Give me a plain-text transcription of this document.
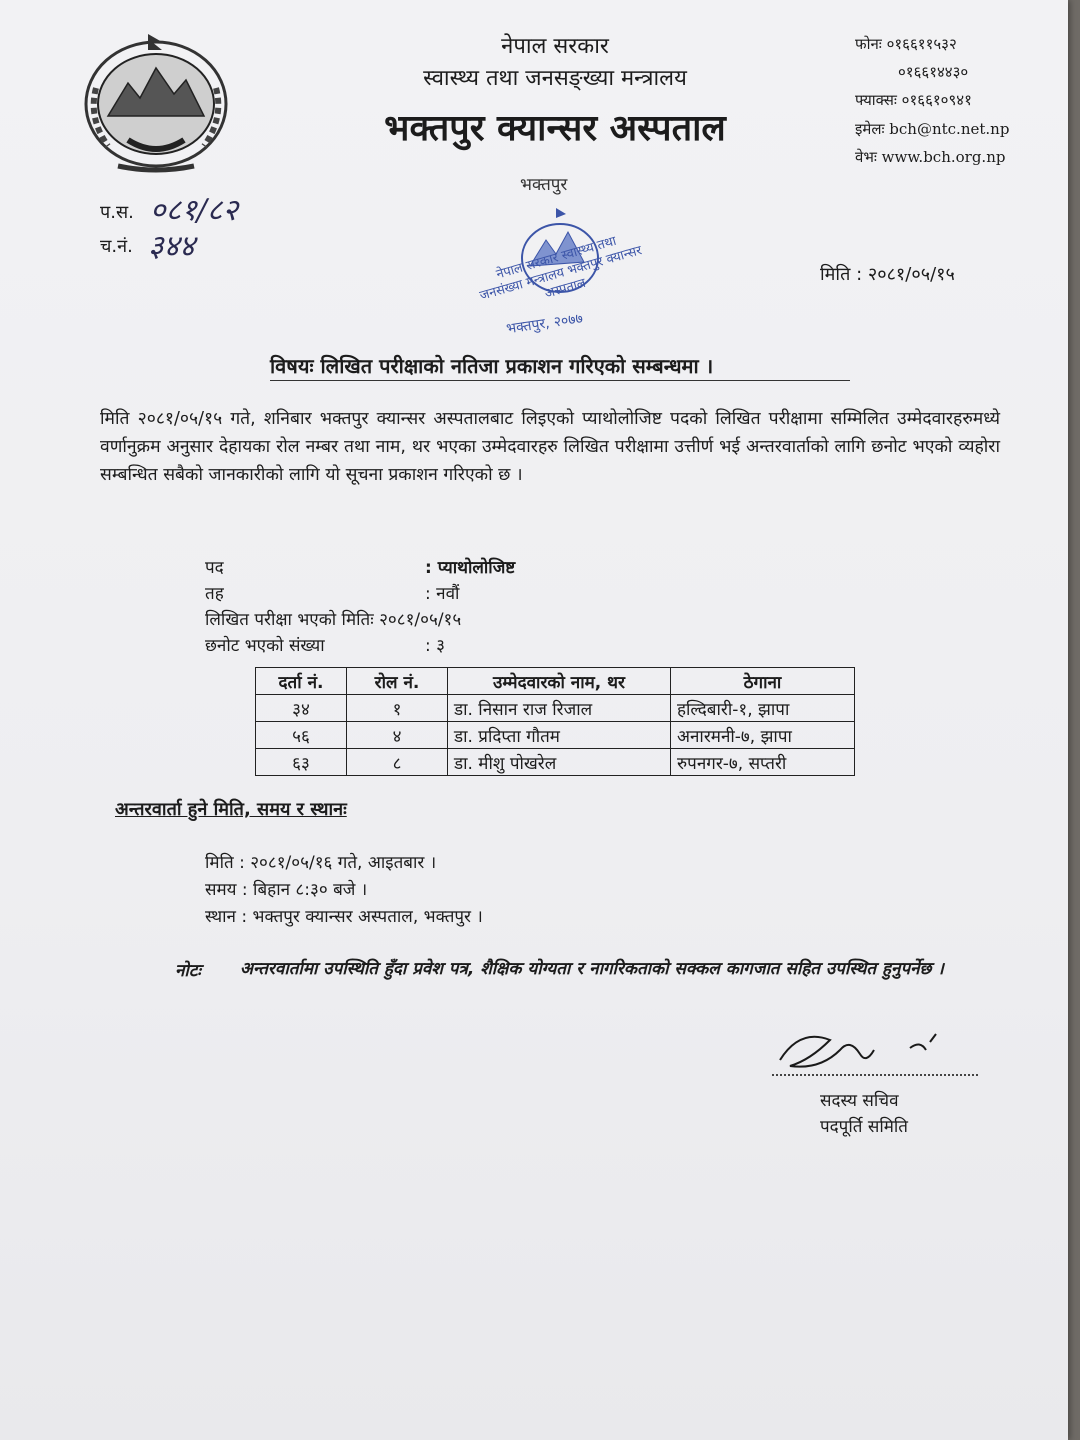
नेपाल सरकार
स्वास्थ्य तथा जनसङ्ख्या मन्त्रालय
भक्तपुर क्यान्सर अस्पताल
फोनः ०१६६११५३२
०१६६१४४३०
फ्याक्सः ०१६६१०९४१
इमेलः bch@ntc.net.np
वेभः www.bch.org.np
प.स. ०८१/८२
च.नं. ३४४
भक्तपुर
नेपाल सरकार स्वास्थ्य तथा जनसंख्या मन्त्रालय भक्तपुर क्यान्सर अस्पताल
भक्तपुर, २०७७
मिति : २०८१/०५/१५
विषयः लिखित परीक्षाको नतिजा प्रकाशन गरिएको सम्बन्धमा ।
मिति २०८१/०५/१५ गते, शनिबार भक्तपुर क्यान्सर अस्पतालबाट लिइएको प्याथोलोजिष्ट पदको लिखित परीक्षामा सम्मिलित उम्मेदवारहरुमध्ये वर्णानुक्रम अनुसार देहायका रोल नम्बर तथा नाम, थर भएका उम्मेदवारहरु लिखित परीक्षामा उत्तीर्ण भई अन्तरवार्ताको लागि छनोट भएको व्यहोरा सम्बन्धित सबैको जानकारीको लागि यो सूचना प्रकाशन गरिएको छ ।
पद	: प्याथोलोजिष्ट
तह	: नवौं
लिखित परीक्षा भएको मितिः २०८१/०५/१५
छनोट भएको संख्या	: ३
दर्ता नं.	रोल नं.	उम्मेदवारको नाम, थर	ठेगाना
३४	१	डा. निसान राज रिजाल	हल्दिबारी-१, झापा
५६	४	डा. प्रदिप्ता गौतम	अनारमनी-७, झापा
६३	८	डा. मीशु पोखरेल	रुपनगर-७, सप्तरी
अन्तरवार्ता हुने मिति, समय र स्थानः
मिति : २०८१/०५/१६ गते, आइतबार ।
समय : बिहान ८:३० बजे ।
स्थान : भक्तपुर क्यान्सर अस्पताल, भक्तपुर ।
नोटः अन्तरवार्तामा उपस्थिति हुँदा प्रवेश पत्र, शैक्षिक योग्यता र नागरिकताको सक्कल कागजात सहित उपस्थित हुनुपर्नेछ ।
सदस्य सचिव
पदपूर्ति समिति
